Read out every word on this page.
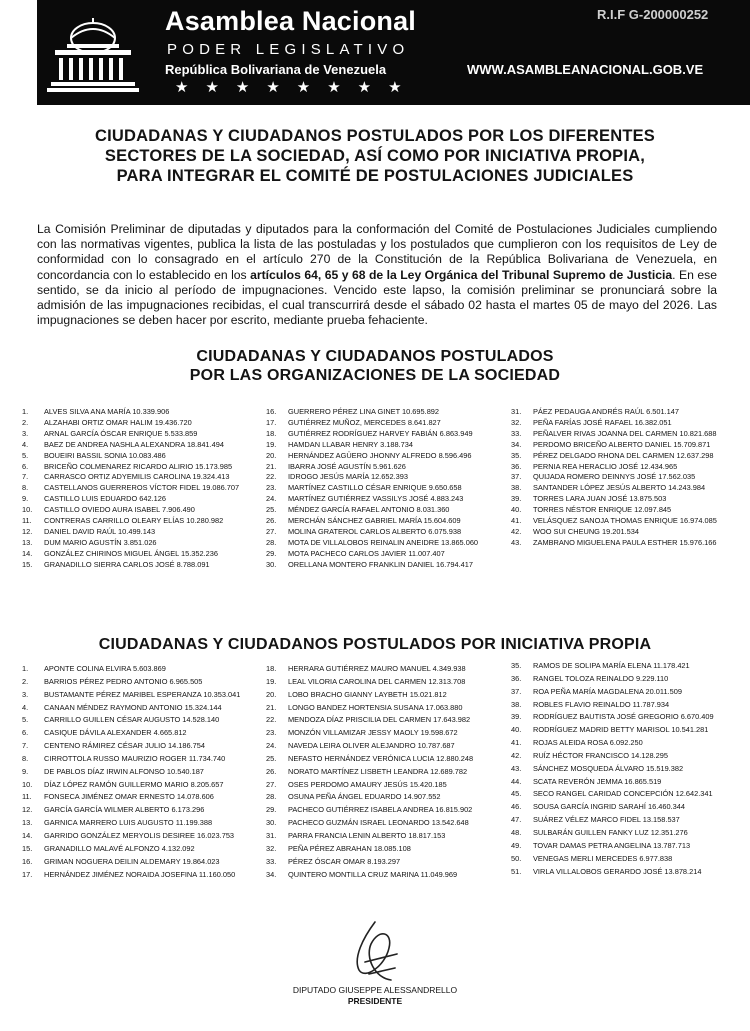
Asamblea Nacional
PODER LEGISLATIVO
República Bolivariana de Venezuela
★★★★★★★★
WWW.ASAMBLEANACIONAL.GOB.VE
R.I.F G-200000252
CIUDADANAS Y CIUDADANOS POSTULADOS POR LOS DIFERENTES
SECTORES DE LA SOCIEDAD, ASÍ COMO POR INICIATIVA PROPIA,
PARA INTEGRAR EL COMITÉ DE POSTULACIONES JUDICIALES
La Comisión Preliminar de diputadas y diputados para la conformación del Comité de Postulaciones Judiciales cumpliendo con las normativas vigentes, publica la lista de las postuladas y los postulados que cumplieron con los requisitos de Ley de conformidad con lo consagrado en el artículo 270 de la Constitución de la República Bolivariana de Venezuela, en concordancia con lo establecido en los artículos 64, 65 y 68 de la Ley Orgánica del Tribunal Supremo de Justicia. En ese sentido, se da inicio al período de impugnaciones. Vencido este lapso, la comisión preliminar se pronunciará sobre la admisión de las impugnaciones recibidas, el cual transcurrirá desde el sábado 02 hasta el martes 05 de mayo del 2026. Las impugnaciones se deben hacer por escrito, mediante prueba fehaciente.
CIUDADANAS Y CIUDADANOS POSTULADOS
POR LAS ORGANIZACIONES DE LA SOCIEDAD
1.	ALVES SILVA ANA MARÍA 10.339.906
2.	ALZAHABI ORTIZ OMAR HALIM 19.436.720
3.	ARNAL GARCÍA ÓSCAR ENRIQUE 5.533.859
4.	BAEZ DE ANDREA NASHLA ALEXANDRA 18.841.494
5.	BOUEIRI BASSIL SONIA 10.083.486
6.	BRICEÑO COLMENAREZ RICARDO ALIRIO 15.173.985
7.	CARRASCO ORTIZ ADYEMILIS CAROLINA 19.324.413
8.	CASTELLANOS GUERREROS VÍCTOR FIDEL 19.086.707
9.	CASTILLO LUIS EDUARDO 642.126
10.	CASTILLO OVIEDO AURA ISABEL 7.906.490
11.	CONTRERAS CARRILLO OLEARY ELÍAS 10.280.982
12.	DANIEL DAVID RAÚL 10.499.143
13.	DUM MARIO AGUSTÍN 3.851.026
14.	GONZÁLEZ CHIRINOS MIGUEL ÁNGEL 15.352.236
15.	GRANADILLO SIERRA CARLOS JOSÉ 8.788.091
16.	GUERRERO PÉREZ LINA GINET 10.695.892
17.	GUTIÉRREZ MUÑOZ, MERCEDES 8.641.827
18.	GUTIÉRREZ RODRÍGUEZ HARVEY FABIÁN 6.863.949
19.	HAMDAN LLABAR HENRY 3.188.734
20.	HERNÁNDEZ AGÜERO JHONNY ALFREDO 8.596.496
21.	IBARRA JOSÉ AGUSTÍN 5.961.626
22.	IDROGO JESÚS MARÍA 12.652.393
23.	MARTÍNEZ CASTILLO CÉSAR ENRIQUE 9.650.658
24.	MARTÍNEZ GUTIÉRREZ VASSILYS JOSÉ 4.883.243
25.	MÉNDEZ GARCÍA RAFAEL ANTONIO 8.031.360
26.	MERCHÁN SÁNCHEZ GABRIEL MARÍA 15.604.609
27.	MOLINA GRATEROL CARLOS ALBERTO 6.075.938
28.	MOTA DE VILLALOBOS REINALIN ANEIDRE 13.865.060
29.	MOTA PACHECO CARLOS JAVIER 11.007.407
30.	ORELLANA MONTERO FRANKLIN DANIEL 16.794.417
31.	PÁEZ PEDAUGA ANDRÉS RAÚL 6.501.147
32.	PEÑA FARÍAS JOSÉ RAFAEL 16.382.051
33.	PEÑALVER RIVAS JOANNA DEL CARMEN 10.821.688
34.	PERDOMO BRICEÑO ALBERTO DANIEL 15.709.871
35.	PÉREZ DELGADO RHONA DEL CARMEN 12.637.298
36.	PERNIA REA HERACLIO JOSÉ 12.434.965
37.	QUIJADA ROMERO DEINNYS JOSÉ 17.562.035
38.	SANTANDER LÓPEZ JESÚS ALBERTO 14.243.984
39.	TORRES LARA JUAN JOSÉ 13.875.503
40.	TORRES NÉSTOR ENRIQUE 12.097.845
41.	VELÁSQUEZ SANOJA THOMAS ENRIQUE 16.974.085
42.	WOO SUI CHEUNG 19.201.534
43.	ZAMBRANO MIGUELENA PAULA ESTHER 15.976.166
CIUDADANAS Y CIUDADANOS POSTULADOS POR INICIATIVA PROPIA
1.	APONTE COLINA ELVIRA 5.603.869
2.	BARRIOS PÉREZ PEDRO ANTONIO 6.965.505
3.	BUSTAMANTE PÉREZ MARIBEL ESPERANZA 10.353.041
4.	CANAAN MÉNDEZ RAYMOND ANTONIO 15.324.144
5.	CARRILLO GUILLEN CÉSAR AUGUSTO 14.528.140
6.	CASIQUE DÁVILA ALEXANDER 4.665.812
7.	CENTENO RÁMIREZ CÉSAR JULIO 14.186.754
8.	CIRROTTOLA RUSSO MAURIZIO ROGER 11.734.740
9.	DE PABLOS DÍAZ IRWIN ALFONSO 10.540.187
10.	DÍAZ LÓPEZ RAMÓN GUILLERMO MARIO 8.205.657
11.	FONSECA JIMÉNEZ OMAR ERNESTO 14.078.606
12.	GARCÍA GARCÍA WILMER ALBERTO 6.173.296
13.	GARNICA MARRERO LUIS AUGUSTO 11.199.388
14.	GARRIDO GONZÁLEZ MERYOLIS DESIREE 16.023.753
15.	GRANADILLO MALAVÉ ALFONZO 4.132.092
16.	GRIMAN NOGUERA DEILIN ALDEMARY 19.864.023
17.	HERNÁNDEZ JIMÉNEZ NORAIDA JOSEFINA 11.160.050
18.	HERRARA GUTIÉRREZ MAURO MANUEL 4.349.938
19.	LEAL VILORIA CAROLINA DEL CARMEN 12.313.708
20.	LOBO BRACHO GIANNY LAYBETH 15.021.812
21.	LONGO BANDEZ HORTENSIA SUSANA 17.063.880
22.	MENDOZA DÍAZ PRISCILIA DEL CARMEN 17.643.982
23.	MONZÓN VILLAMIZAR JESSY MAOLY 19.598.672
24.	NAVEDA LEIRA OLIVER ALEJANDRO 10.787.687
25.	NEFASTO HERNÁNDEZ VERÓNICA LUCIA 12.880.248
26.	NORATO MARTÍNEZ LISBETH LEANDRA 12.689.782
27.	OSES PERDOMO AMAURY JESÚS 15.420.185
28.	OSUNA PEÑA ÁNGEL EDUARDO 14.907.552
29.	PACHECO GUTIÉRREZ ISABELA ANDREA 16.815.902
30.	PACHECO GUZMÁN ISRAEL LEONARDO 13.542.648
31.	PARRA FRANCIA LENIN ALBERTO 18.817.153
32.	PEÑA PÉREZ ABRAHAN 18.085.108
33.	PÉREZ ÓSCAR OMAR 8.193.297
34.	QUINTERO MONTILLA CRUZ MARINA 11.049.969
35.	RAMOS DE SOLIPA MARÍA ELENA 11.178.421
36.	RANGEL TOLOZA REINALDO 9.229.110
37.	ROA PEÑA MARÍA MAGDALENA 20.011.509
38.	ROBLES FLAVIO REINALDO 11.787.934
39.	RODRÍGUEZ BAUTISTA JOSÉ GREGORIO 6.670.409
40.	RODRÍGUEZ MADRID BETTY MARISOL 10.541.281
41.	ROJAS ALEIDA ROSA 6.092.250
42.	RUÍZ HÉCTOR FRANCISCO 14.128.295
43.	SÁNCHEZ MOSQUEDA ÁLVARO 15.519.382
44.	SCATA REVERÓN JEMMA 16.865.519
45.	SECO RANGEL CARIDAD CONCEPCIÓN 12.642.341
46.	SOUSA GARCÍA INGRID SARAHÍ 16.460.344
47.	SUÁREZ VÉLEZ MARCO FIDEL 13.158.537
48.	SULBARÁN GUILLEN FANKY LUZ 12.351.276
49.	TOVAR DAMAS PETRA ANGELINA 13.787.713
50.	VENEGAS MERLI MERCEDES 6.977.838
51.	VIRLA VILLALOBOS GERARDO JOSÉ 13.878.214
DIPUTADO GIUSEPPE ALESSANDRELLO
PRESIDENTE
